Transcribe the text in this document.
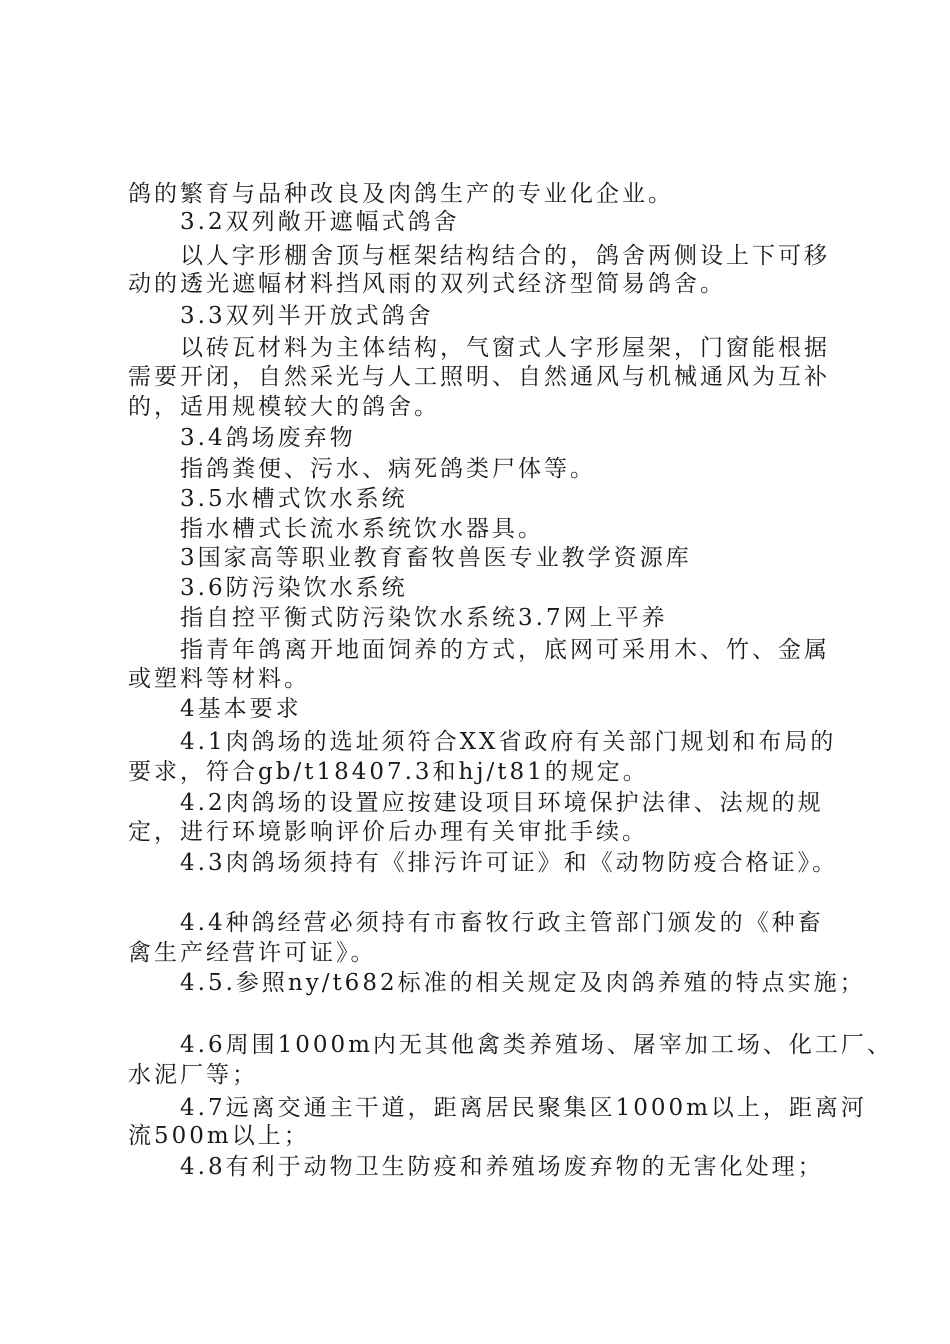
鸽的繁育与品种改良及肉鸽生产的专业化企业。
3.2双列敞开遮幅式鸽舍
以人字形棚舍顶与框架结构结合的，鸽舍两侧设上下可移
动的透光遮幅材料挡风雨的双列式经济型简易鸽舍。
3.3双列半开放式鸽舍
以砖瓦材料为主体结构，气窗式人字形屋架，门窗能根据
需要开闭，自然采光与人工照明、自然通风与机械通风为互补
的，适用规模较大的鸽舍。
3.4鸽场废弃物
指鸽粪便、污水、病死鸽类尸体等。
3.5水槽式饮水系统
指水槽式长流水系统饮水器具。
3国家高等职业教育畜牧兽医专业教学资源库
3.6防污染饮水系统
指自控平衡式防污染饮水系统3.7网上平养
指青年鸽离开地面饲养的方式，底网可采用木、竹、金属
或塑料等材料。
4基本要求
4.1肉鸽场的选址须符合XX省政府有关部门规划和布局的
要求，符合gb/t18407.3和hj/t81的规定。
4.2肉鸽场的设置应按建设项目环境保护法律、法规的规
定，进行环境影响评价后办理有关审批手续。
4.3肉鸽场须持有《排污许可证》和《动物防疫合格证》。
4.4种鸽经营必须持有市畜牧行政主管部门颁发的《种畜
禽生产经营许可证》。
4.5.参照ny/t682标准的相关规定及肉鸽养殖的特点实施；
4.6周围1000m内无其他禽类养殖场、屠宰加工场、化工厂、
水泥厂等；
4.7远离交通主干道，距离居民聚集区1000m以上，距离河
流500m以上；
4.8有利于动物卫生防疫和养殖场废弃物的无害化处理；
